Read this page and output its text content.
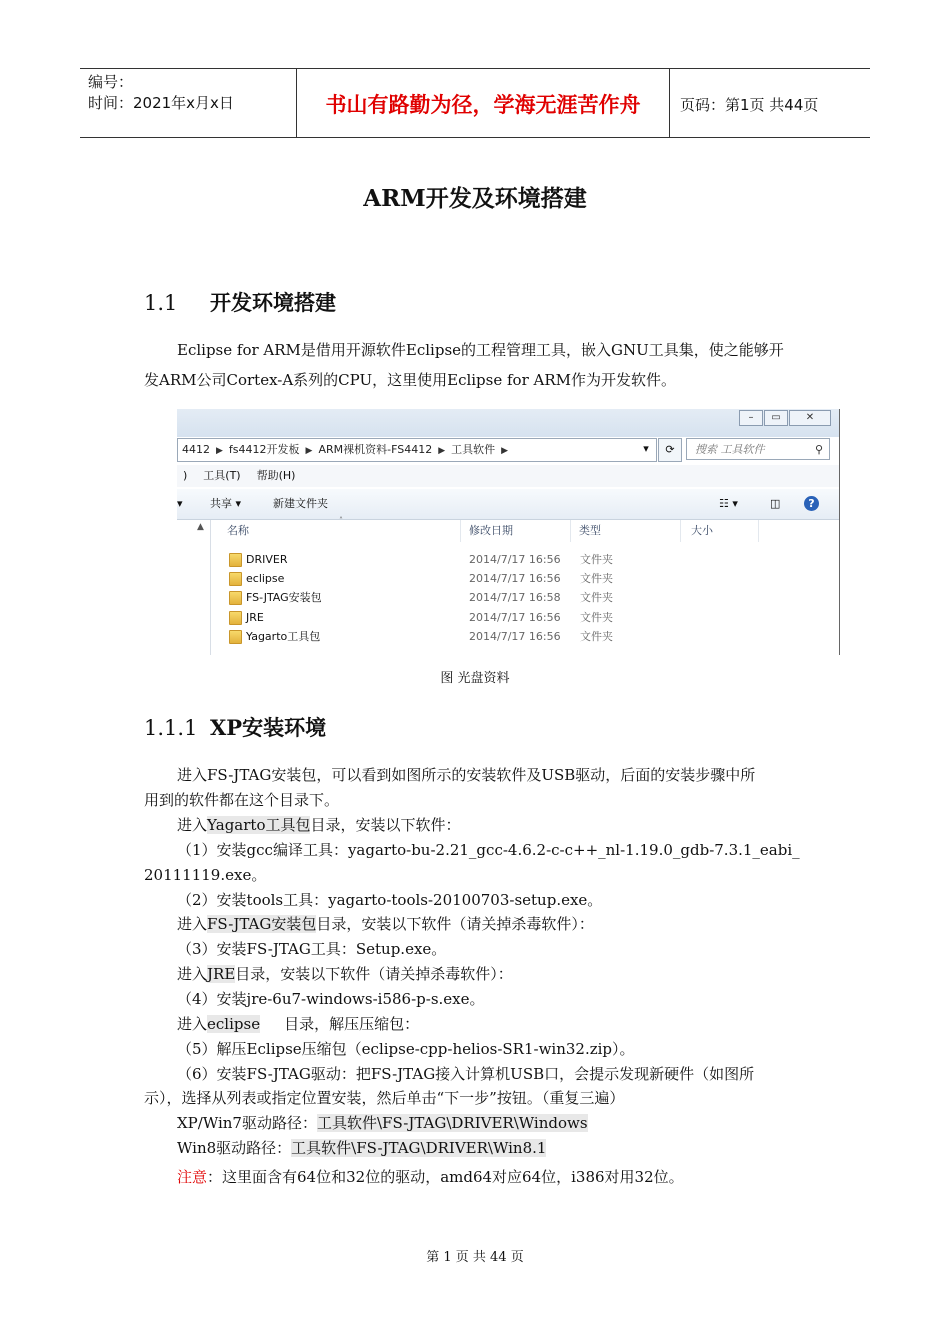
编号：
时间：2021年x月x日	书山有路勤为径，学海无涯苦作舟	页码：第1页 共44页
ARM开发及环境搭建
1.1 开发环境搭建
Eclipse for ARM是借用开源软件Eclipse的工程管理工具，嵌入GNU工具集，使之能够开
发ARM公司Cortex-A系列的CPU，这里使用Eclipse for ARM作为开发软件。
–	▭	✕
4412 ▶ fs4412开发板 ▶ ARM裸机资料-FS4412 ▶ 工具软件 ▶	▾	⟳	搜索 工具软件	⚲
) 工具(T) 帮助(H)
▾ 共享 ▾	新建文件夹	☷ ▾	◫	?
▲	名称
˄
修改日期	类型	大小
DRIVER	2014/7/17 16:56 文件夹
eclipse	2014/7/17 16:56 文件夹
FS-JTAG安装包	2014/7/17 16:58 文件夹
JRE	2014/7/17 16:56 文件夹
Yagarto工具包	2014/7/17 16:56 文件夹
图 光盘资料
1.1.1 XP安装环境
进入FS-JTAG安装包，可以看到如图所示的安装软件及USB驱动，后面的安装步骤中所
用到的软件都在这个目录下。
进入Yagarto工具包目录，安装以下软件：
（1）安装gcc编译工具：yagarto-bu-2.21_gcc-4.6.2-c-c++_nl-1.19.0_gdb-7.3.1_eabi_
20111119.exe。
（2）安装tools工具：yagarto-tools-20100703-setup.exe。
进入FS-JTAG安装包目录，安装以下软件（请关掉杀毒软件）：
（3）安装FS-JTAG工具：Setup.exe。
进入JRE目录，安装以下软件（请关掉杀毒软件）：
（4）安装jre-6u7-windows-i586-p-s.exe。
进入eclipse 目录，解压压缩包：
（5）解压Eclipse压缩包（eclipse-cpp-helios-SR1-win32.zip）。
（6）安装FS-JTAG驱动：把FS-JTAG接入计算机USB口，会提示发现新硬件（如图所
示），选择从列表或指定位置安装，然后单击“下一步”按钮。（重复三遍）
XP/Win7驱动路径：工具软件\FS-JTAG\DRIVER\Windows
Win8驱动路径：工具软件\FS-JTAG\DRIVER\Win8.1
注意：这里面含有64位和32位的驱动，amd64对应64位，i386对用32位。
第 1 页 共 44 页
